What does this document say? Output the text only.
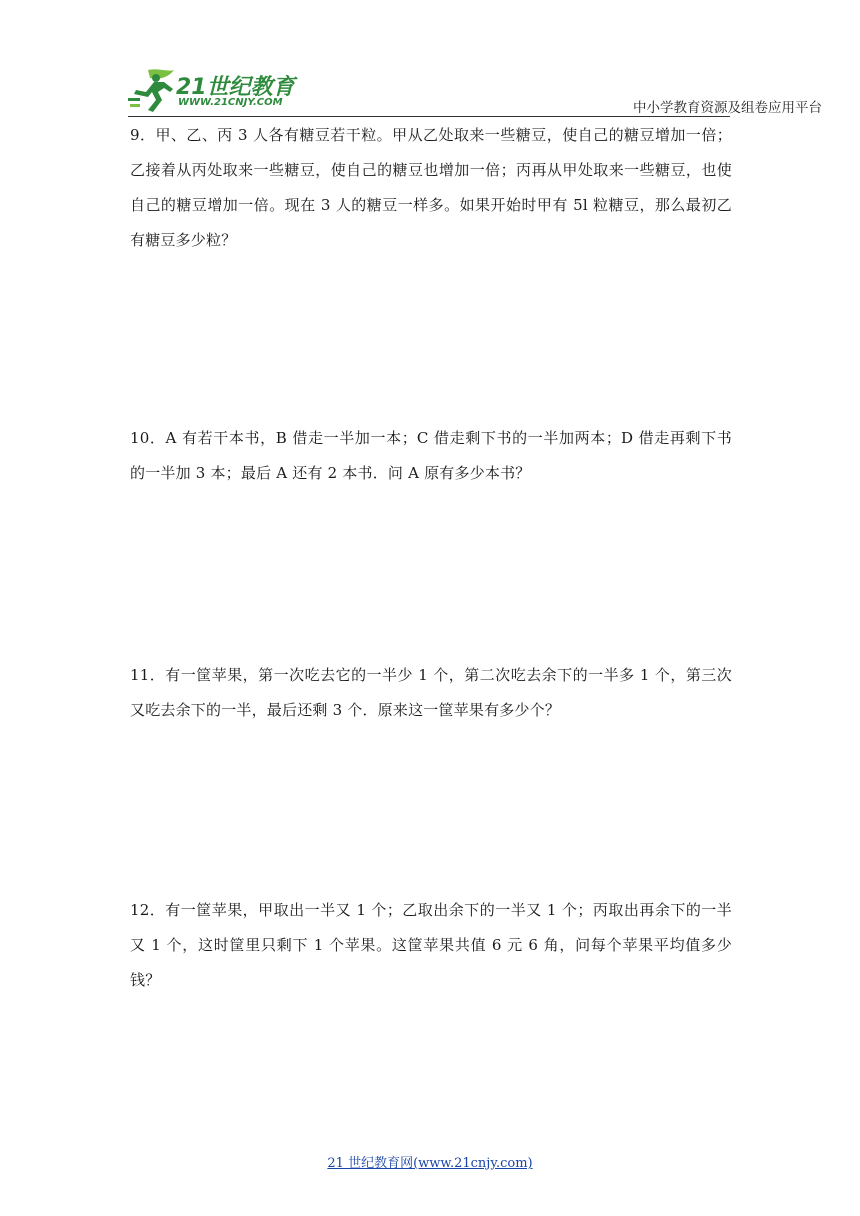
21世纪教育
WWW.21CNJY.COM	中小学教育资源及组卷应用平台
9．甲、乙、丙 3 人各有糖豆若干粒。甲从乙处取来一些糖豆，使自己的糖豆增加一倍；乙接着从丙处取来一些糖豆，使自己的糖豆也增加一倍；丙再从甲处取来一些糖豆，也使自己的糖豆增加一倍。现在 3 人的糖豆一样多。如果开始时甲有 5l 粒糖豆，那么最初乙有糖豆多少粒？
10．A 有若干本书，B 借走一半加一本；C 借走剩下书的一半加两本；D 借走再剩下书的一半加 3 本；最后 A 还有 2 本书．问 A 原有多少本书？
11．有一筐苹果，第一次吃去它的一半少 1 个，第二次吃去余下的一半多 1 个，第三次又吃去余下的一半，最后还剩 3 个．原来这一筐苹果有多少个？
12．有一筐苹果，甲取出一半又 1 个；乙取出余下的一半又 1 个；丙取出再余下的一半又 1 个，这时筐里只剩下 1 个苹果。这筐苹果共值 6 元 6 角，问每个苹果平均值多少钱？
21 世纪教育网(www.21cnjy.com)
